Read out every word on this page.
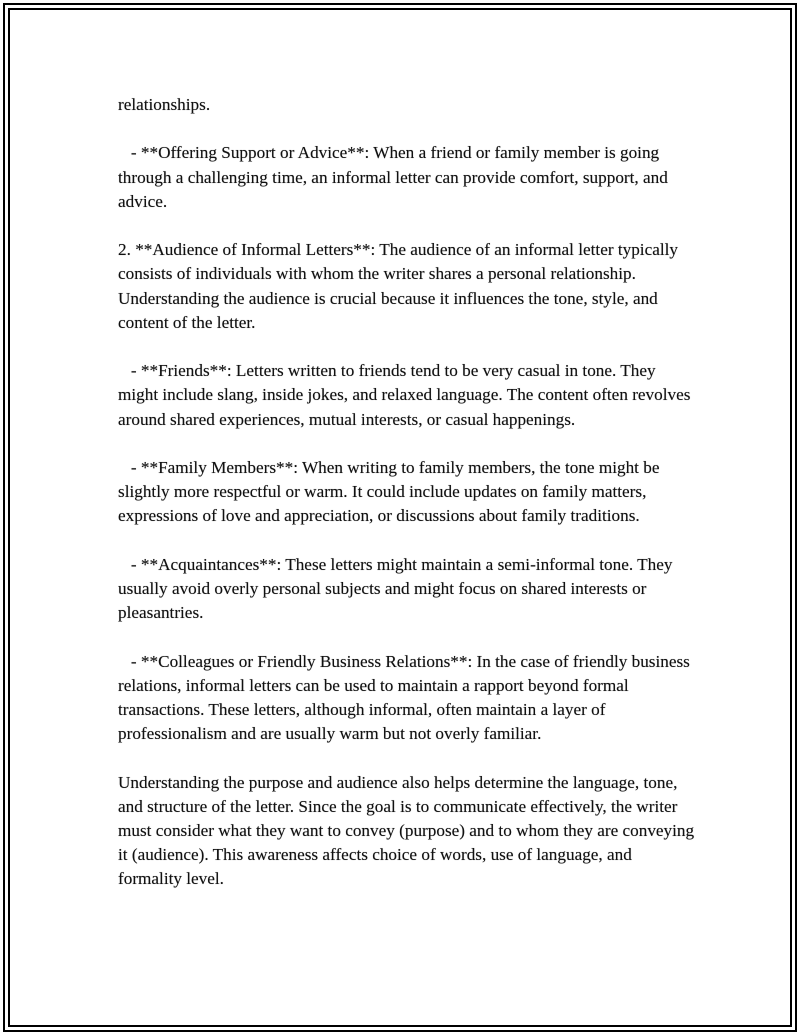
relationships.

- **Offering Support or Advice**: When a friend or family member is going through a challenging time, an informal letter can provide comfort, support, and advice.

2. **Audience of Informal Letters**: The audience of an informal letter typically consists of individuals with whom the writer shares a personal relationship. Understanding the audience is crucial because it influences the tone, style, and content of the letter.

- **Friends**: Letters written to friends tend to be very casual in tone. They might include slang, inside jokes, and relaxed language. The content often revolves around shared experiences, mutual interests, or casual happenings.

- **Family Members**: When writing to family members, the tone might be slightly more respectful or warm. It could include updates on family matters, expressions of love and appreciation, or discussions about family traditions.

- **Acquaintances**: These letters might maintain a semi-informal tone. They usually avoid overly personal subjects and might focus on shared interests or pleasantries.

- **Colleagues or Friendly Business Relations**: In the case of friendly business relations, informal letters can be used to maintain a rapport beyond formal transactions. These letters, although informal, often maintain a layer of professionalism and are usually warm but not overly familiar.

Understanding the purpose and audience also helps determine the language, tone, and structure of the letter. Since the goal is to communicate effectively, the writer must consider what they want to convey (purpose) and to whom they are conveying it (audience). This awareness affects choice of words, use of language, and formality level.
